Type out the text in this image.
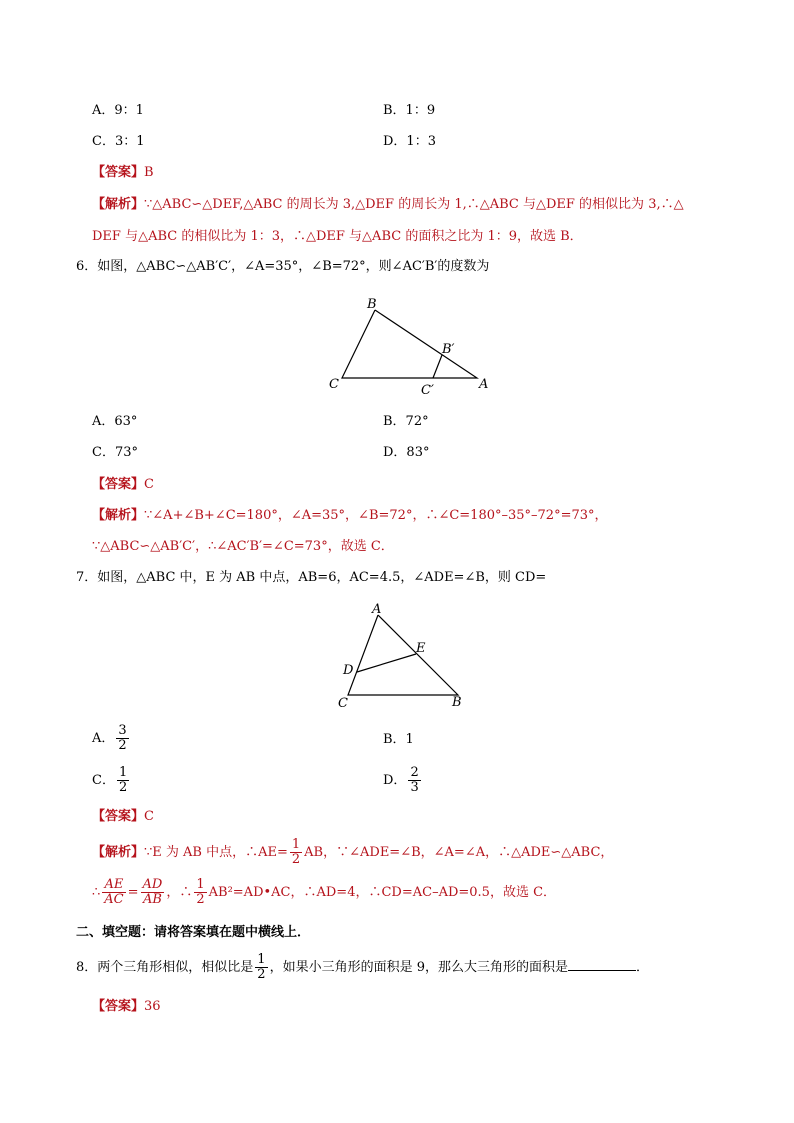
A．9：1	B．1：9
C．3：1	D．1：3
【答案】B
【解析】∵△ABC∽△DEF,△ABC 的周长为 3,△DEF 的周长为 1,∴△ABC 与△DEF 的相似比为 3,∴△
DEF 与△ABC 的相似比为 1：3，∴△DEF 与△ABC 的面积之比为 1：9，故选 B．
6．如图，△ABC∽△AB′C′，∠A=35°，∠B=72°，则∠AC′B′的度数为
B
B′
C	C′	A
A．63°	B．72°
C．73°	D．83°
【答案】C
【解析】∵∠A+∠B+∠C=180°，∠A=35°，∠B=72°，∴∠C=180°–35°–72°=73°，
∵△ABC∽△AB′C′，∴∠AC′B′=∠C=73°，故选 C．
7．如图，△ABC 中，E 为 AB 中点，AB=6，AC=4.5，∠ADE=∠B，则 CD=
A
E
D
C	B
A． $\frac{3}{2}$	B．1
C． $\frac{1}{2}$	D． $\frac{2}{3}$
【答案】C
【解析】∵E 为 AB 中点，∴AE= $\frac{1}{2}$ AB，∵∠ADE=∠B，∠A=∠A，∴△ADE∽△ABC，
∴ $\frac{AE}{AC} = \frac{AD}{AB}$ ，∴ $\frac{1}{2}$ AB²=AD•AC，∴AD=4，∴CD=AC–AD=0.5，故选 C．
二、填空题：请将答案填在题中横线上．
8．两个三角形相似，相似比是 $\frac{1}{2}$ ，如果小三角形的面积是 9，那么大三角形的面积是	．
【答案】36
